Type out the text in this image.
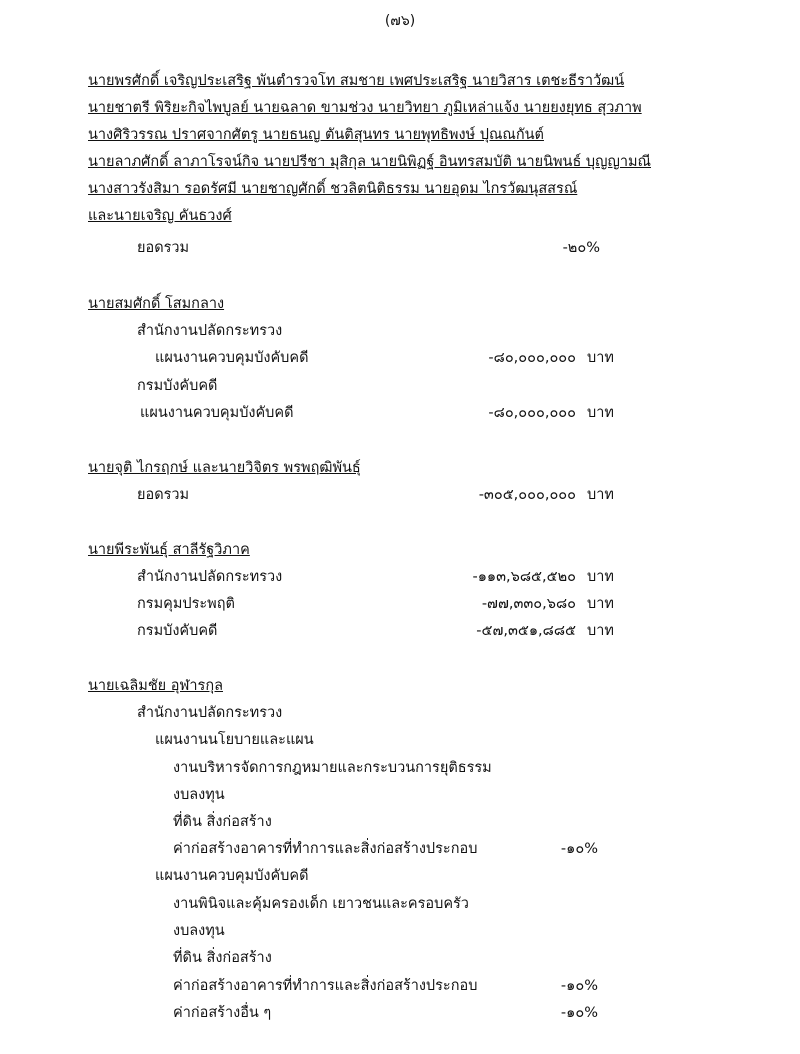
(๗๖)
นายพรศักดิ์ เจริญประเสริฐ พันตำรวจโท สมชาย เพศประเสริฐ นายวิสาร เตชะธีราวัฒน์
นายชาตรี พิริยะกิจไพบูลย์ นายฉลาด ขามช่วง นายวิทยา ภูมิเหล่าแจ้ง นายยงยุทธ สุวภาพ
นางศิริวรรณ ปราศจากศัตรู นายธนญ ตันติสุนทร นายพุทธิพงษ์ ปุณณกันต์
นายลาภศักดิ์ ลาภาโรจน์กิจ นายปรีชา มุสิกุล นายนิพิฏฐ์ อินทรสมบัติ นายนิพนธ์ บุญญามณี
นางสาวรังสิมา รอดรัศมี นายชาญศักดิ์ ชวลิตนิติธรรม นายอุดม ไกรวัฒนุสสรณ์
และนายเจริญ คันธวงศ์
ยอดรวม	-๒๐%
นายสมศักดิ์ โสมกลาง
สำนักงานปลัดกระทรวง
แผนงานควบคุมบังคับคดี	-๘๐,๐๐๐,๐๐๐ บาท
กรมบังคับคดี
แผนงานควบคุมบังคับคดี	-๘๐,๐๐๐,๐๐๐ บาท
นายจุติ ไกรฤกษ์ และนายวิจิตร พรพฤฒิพันธุ์
ยอดรวม	-๓๐๕,๐๐๐,๐๐๐ บาท
นายพีระพันธุ์ สาลีรัฐวิภาค
สำนักงานปลัดกระทรวง	-๑๑๓,๖๘๕,๕๒๐ บาท
กรมคุมประพฤติ	-๗๗,๓๓๐,๖๘๐ บาท
กรมบังคับคดี	-๕๗,๓๕๑,๘๘๕ บาท
นายเฉลิมชัย อุฬารกุล
สำนักงานปลัดกระทรวง
แผนงานนโยบายและแผน
งานบริหารจัดการกฎหมายและกระบวนการยุติธรรม
งบลงทุน
ที่ดิน สิ่งก่อสร้าง
ค่าก่อสร้างอาคารที่ทำการและสิ่งก่อสร้างประกอบ	-๑๐%
แผนงานควบคุมบังคับคดี
งานพินิจและคุ้มครองเด็ก เยาวชนและครอบครัว
งบลงทุน
ที่ดิน สิ่งก่อสร้าง
ค่าก่อสร้างอาคารที่ทำการและสิ่งก่อสร้างประกอบ	-๑๐%
ค่าก่อสร้างอื่น ๆ	-๑๐%
